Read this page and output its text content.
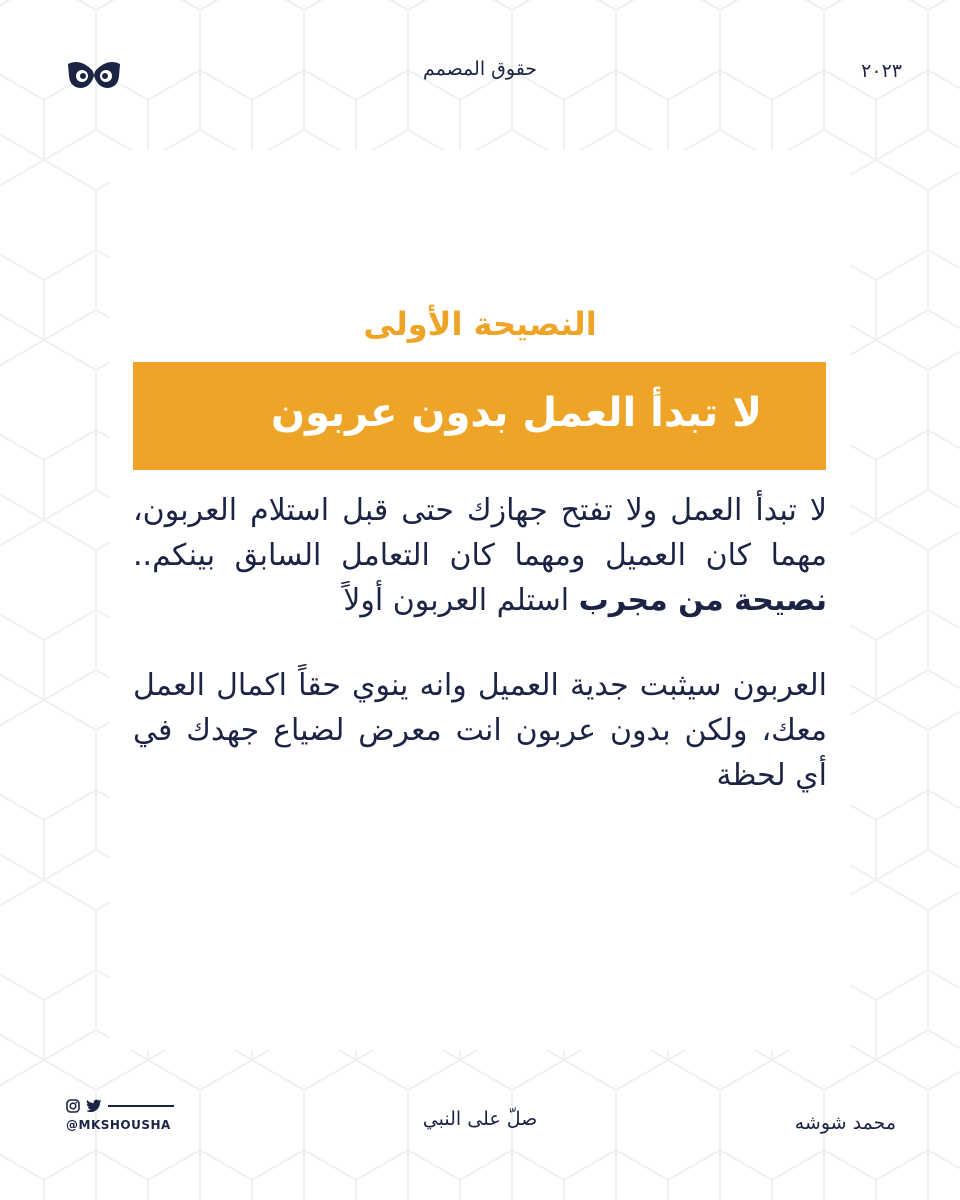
حقوق المصمم	٢٠٢٣
النصيحة الأولى
لا تبدأ العمل بدون عربون

لا تبدأ العمل ولا تفتح جهازك حتى قبل استلام العربون، مهما كان العميل ومهما كان التعامل السابق بينكم.. نصيحة من مجرب استلم العربون أولاً

العربون سيثبت جدية العميل وانه ينوي حقاً اكمال العمل معك، ولكن بدون عربون انت معرض لضياع جهدك في أي لحظة

@MKSHOUSHA	صلّ على النبي	محمد شوشه
